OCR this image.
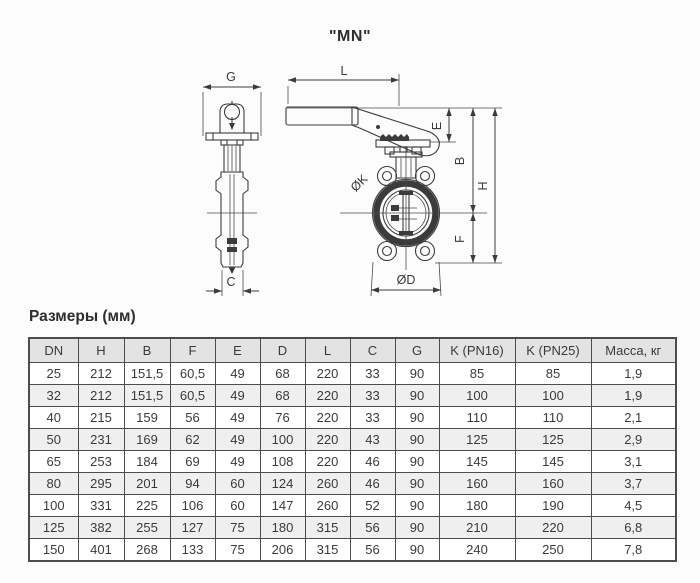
"MN"
G
C
L
ØK
ØD
E
B
F
H
Размеры (мм)
DN	H	B	F	E	D	L	C	G	K (PN16)	K (PN25)	Масса, кг
25	212	151,5	60,5	49	68	220	33	90	85	85	1,9
32	212	151,5	60,5	49	68	220	33	90	100	100	1,9
40	215	159	56	49	76	220	33	90	110	110	2,1
50	231	169	62	49	100	220	43	90	125	125	2,9
65	253	184	69	49	108	220	46	90	145	145	3,1
80	295	201	94	60	124	260	46	90	160	160	3,7
100	331	225	106	60	147	260	52	90	180	190	4,5
125	382	255	127	75	180	315	56	90	210	220	6,8
150	401	268	133	75	206	315	56	90	240	250	7,8
